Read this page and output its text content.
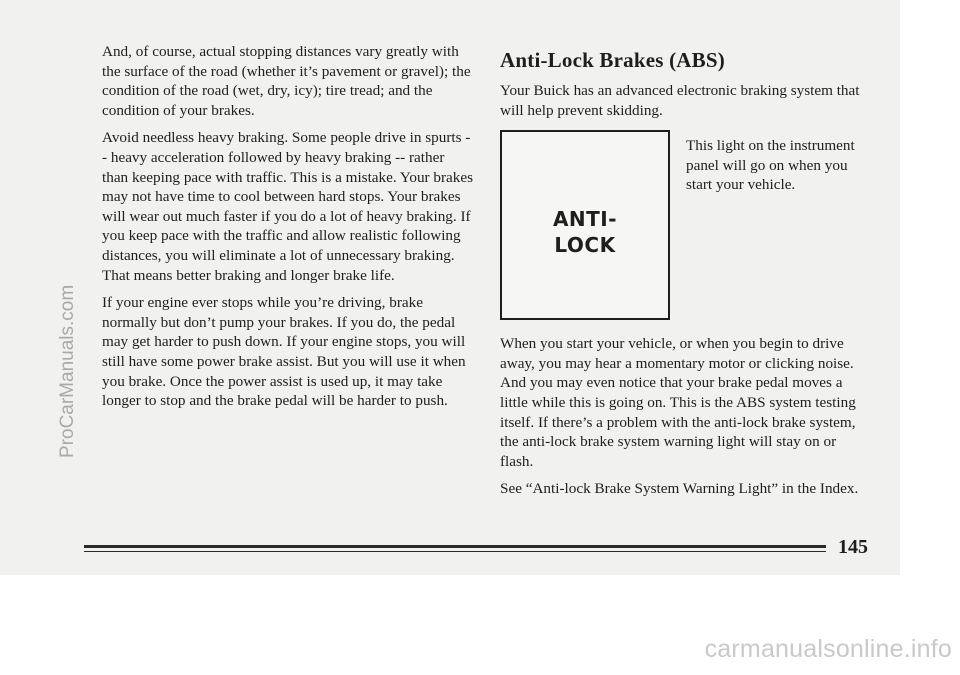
And, of course, actual stopping distances vary greatly with the surface of the road (whether it’s pavement or gravel); the condition of the road (wet, dry, icy); tire tread; and the condition of your brakes.

Avoid needless heavy braking. Some people drive in spurts -- heavy acceleration followed by heavy braking -- rather than keeping pace with traffic. This is a mistake. Your brakes may not have time to cool between hard stops. Your brakes will wear out much faster if you do a lot of heavy braking. If you keep pace with the traffic and allow realistic following distances, you will eliminate a lot of unnecessary braking. That means better braking and longer brake life.

If your engine ever stops while you’re driving, brake normally but don’t pump your brakes. If you do, the pedal may get harder to push down. If your engine stops, you will still have some power brake assist. But you will use it when you brake. Once the power assist is used up, it may take longer to stop and the brake pedal will be harder to push.

Anti-Lock Brakes (ABS)

Your Buick has an advanced electronic braking system that will help prevent skidding.

ANTI-
LOCK

This light on the instrument panel will go on when you start your vehicle.

When you start your vehicle, or when you begin to drive away, you may hear a momentary motor or clicking noise. And you may even notice that your brake pedal moves a little while this is going on. This is the ABS system testing itself. If there’s a problem with the anti-lock brake system, the anti-lock brake system warning light will stay on or flash.

See “Anti-lock Brake System Warning Light” in the Index.

145

ProCarManuals.com

carmanualsonline.info
